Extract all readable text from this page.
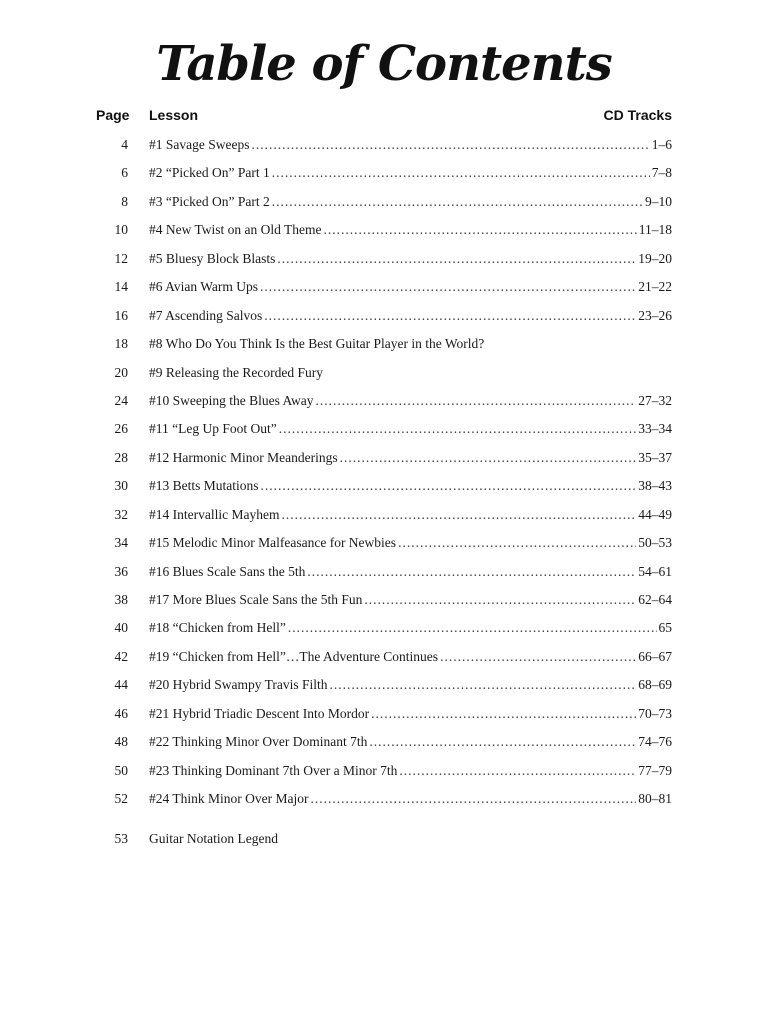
Table of Contents
Page Lesson	CD Tracks
4 #1 Savage Sweeps .....	1–6
6 #2 “Picked On” Part 1 .....	7–8
8 #3 “Picked On” Part 2 .....	9–10
10 #4 New Twist on an Old Theme .....	11–18
12 #5 Bluesy Block Blasts .....	19–20
14 #6 Avian Warm Ups .....	21–22
16 #7 Ascending Salvos .....	23–26
18 #8 Who Do You Think Is the Best Guitar Player in the World?
20 #9 Releasing the Recorded Fury
24 #10 Sweeping the Blues Away .....	27–32
26 #11 “Leg Up Foot Out” .....	33–34
28 #12 Harmonic Minor Meanderings .....	35–37
30 #13 Betts Mutations .....	38–43
32 #14 Intervallic Mayhem .....	44–49
34 #15 Melodic Minor Malfeasance for Newbies .....	50–53
36 #16 Blues Scale Sans the 5th .....	54–61
38 #17 More Blues Scale Sans the 5th Fun .....	62–64
40 #18 “Chicken from Hell” .....	65
42 #19 “Chicken from Hell”…The Adventure Continues .....	66–67
44 #20 Hybrid Swampy Travis Filth .....	68–69
46 #21 Hybrid Triadic Descent Into Mordor .....	70–73
48 #22 Thinking Minor Over Dominant 7th .....	74–76
50 #23 Thinking Dominant 7th Over a Minor 7th .....	77–79
52 #24 Think Minor Over Major .....	80–81
53 Guitar Notation Legend
